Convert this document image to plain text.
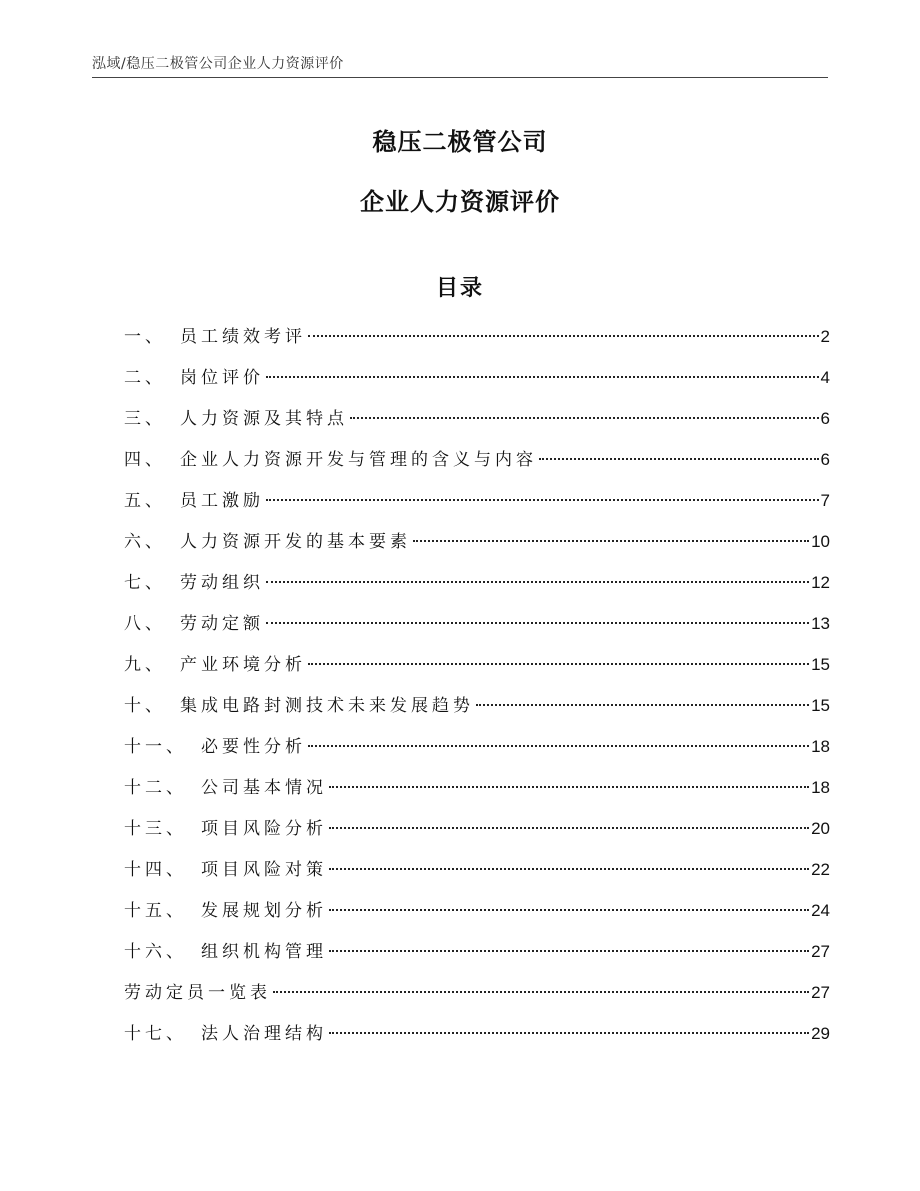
泓域/稳压二极管公司企业人力资源评价
稳压二极管公司
企业人力资源评价
目录
一、 员工绩效考评	2
二、 岗位评价	4
三、 人力资源及其特点	6
四、 企业人力资源开发与管理的含义与内容	6
五、 员工激励	7
六、 人力资源开发的基本要素	10
七、 劳动组织	12
八、 劳动定额	13
九、 产业环境分析	15
十、 集成电路封测技术未来发展趋势	15
十一、 必要性分析	18
十二、 公司基本情况	18
十三、 项目风险分析	20
十四、 项目风险对策	22
十五、 发展规划分析	24
十六、 组织机构管理	27
劳动定员一览表	27
十七、 法人治理结构	29
